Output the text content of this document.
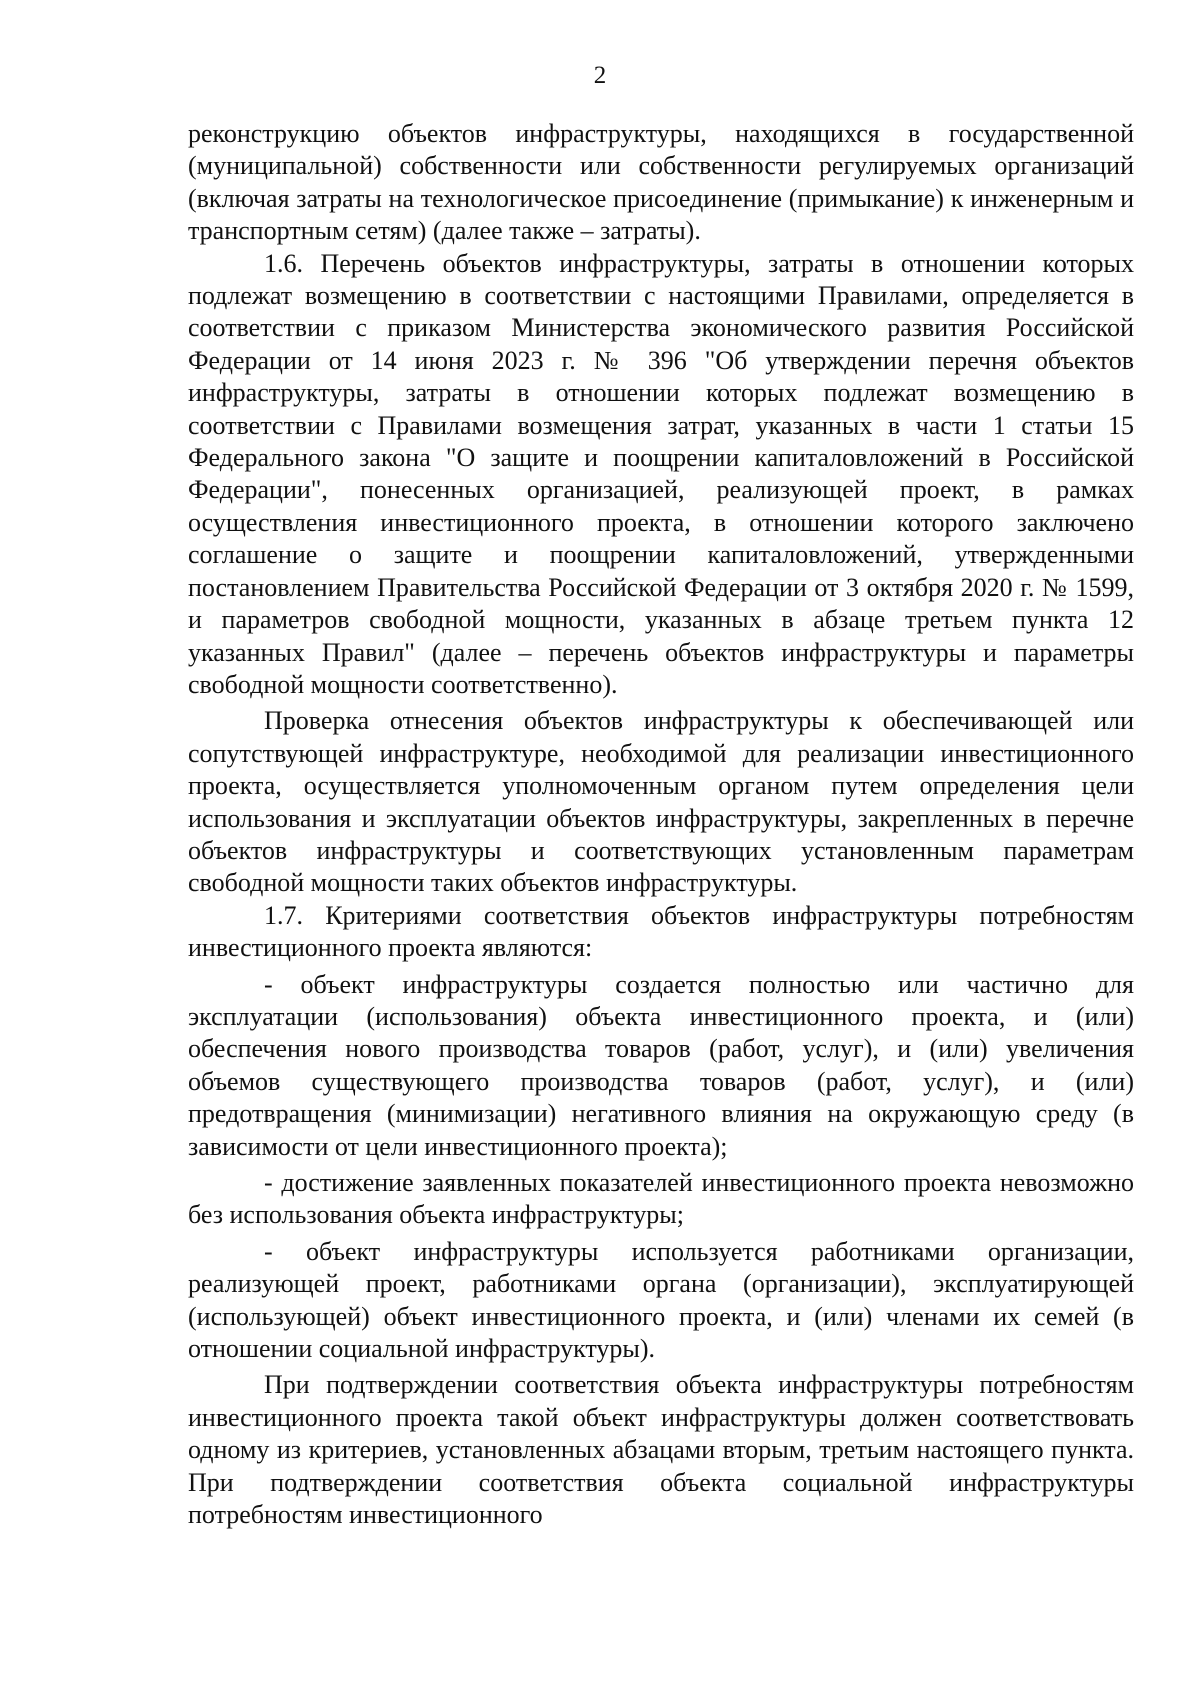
2

реконструкцию объектов инфраструктуры, находящихся в государственной (муниципальной) собственности или собственности регулируемых организаций (включая затраты на технологическое присоединение (примыкание) к инженерным и транспортным сетям) (далее также – затраты).

1.6. Перечень объектов инфраструктуры, затраты в отношении которых подлежат возмещению в соответствии с настоящими Правилами, определяется в соответствии с приказом Министерства экономического развития Российской Федерации от 14 июня 2023 г. № 396 "Об утверждении перечня объектов инфраструктуры, затраты в отношении которых подлежат возмещению в соответствии с Правилами возмещения затрат, указанных в части 1 статьи 15 Федерального закона "О защите и поощрении капиталовложений в Российской Федерации", понесенных организацией, реализующей проект, в рамках осуществления инвестиционного проекта, в отношении которого заключено соглашение о защите и поощрении капиталовложений, утвержденными постановлением Правительства Российской Федерации от 3 октября 2020 г. № 1599, и параметров свободной мощности, указанных в абзаце третьем пункта 12 указанных Правил" (далее – перечень объектов инфраструктуры и параметры свободной мощности соответственно).

Проверка отнесения объектов инфраструктуры к обеспечивающей или сопутствующей инфраструктуре, необходимой для реализации инвестиционного проекта, осуществляется уполномоченным органом путем определения цели использования и эксплуатации объектов инфраструктуры, закрепленных в перечне объектов инфраструктуры и соответствующих установленным параметрам свободной мощности таких объектов инфраструктуры.

1.7. Критериями соответствия объектов инфраструктуры потребностям инвестиционного проекта являются:

- объект инфраструктуры создается полностью или частично для эксплуатации (использования) объекта инвестиционного проекта, и (или) обеспечения нового производства товаров (работ, услуг), и (или) увеличения объемов существующего производства товаров (работ, услуг), и (или) предотвращения (минимизации) негативного влияния на окружающую среду (в зависимости от цели инвестиционного проекта);

- достижение заявленных показателей инвестиционного проекта невозможно без использования объекта инфраструктуры;

- объект инфраструктуры используется работниками организации, реализующей проект, работниками органа (организации), эксплуатирующей (использующей) объект инвестиционного проекта, и (или) членами их семей (в отношении социальной инфраструктуры).

При подтверждении соответствия объекта инфраструктуры потребностям инвестиционного проекта такой объект инфраструктуры должен соответствовать одному из критериев, установленных абзацами вторым, третьим настоящего пункта. При подтверждении соответствия объекта социальной инфраструктуры потребностям инвестиционного
